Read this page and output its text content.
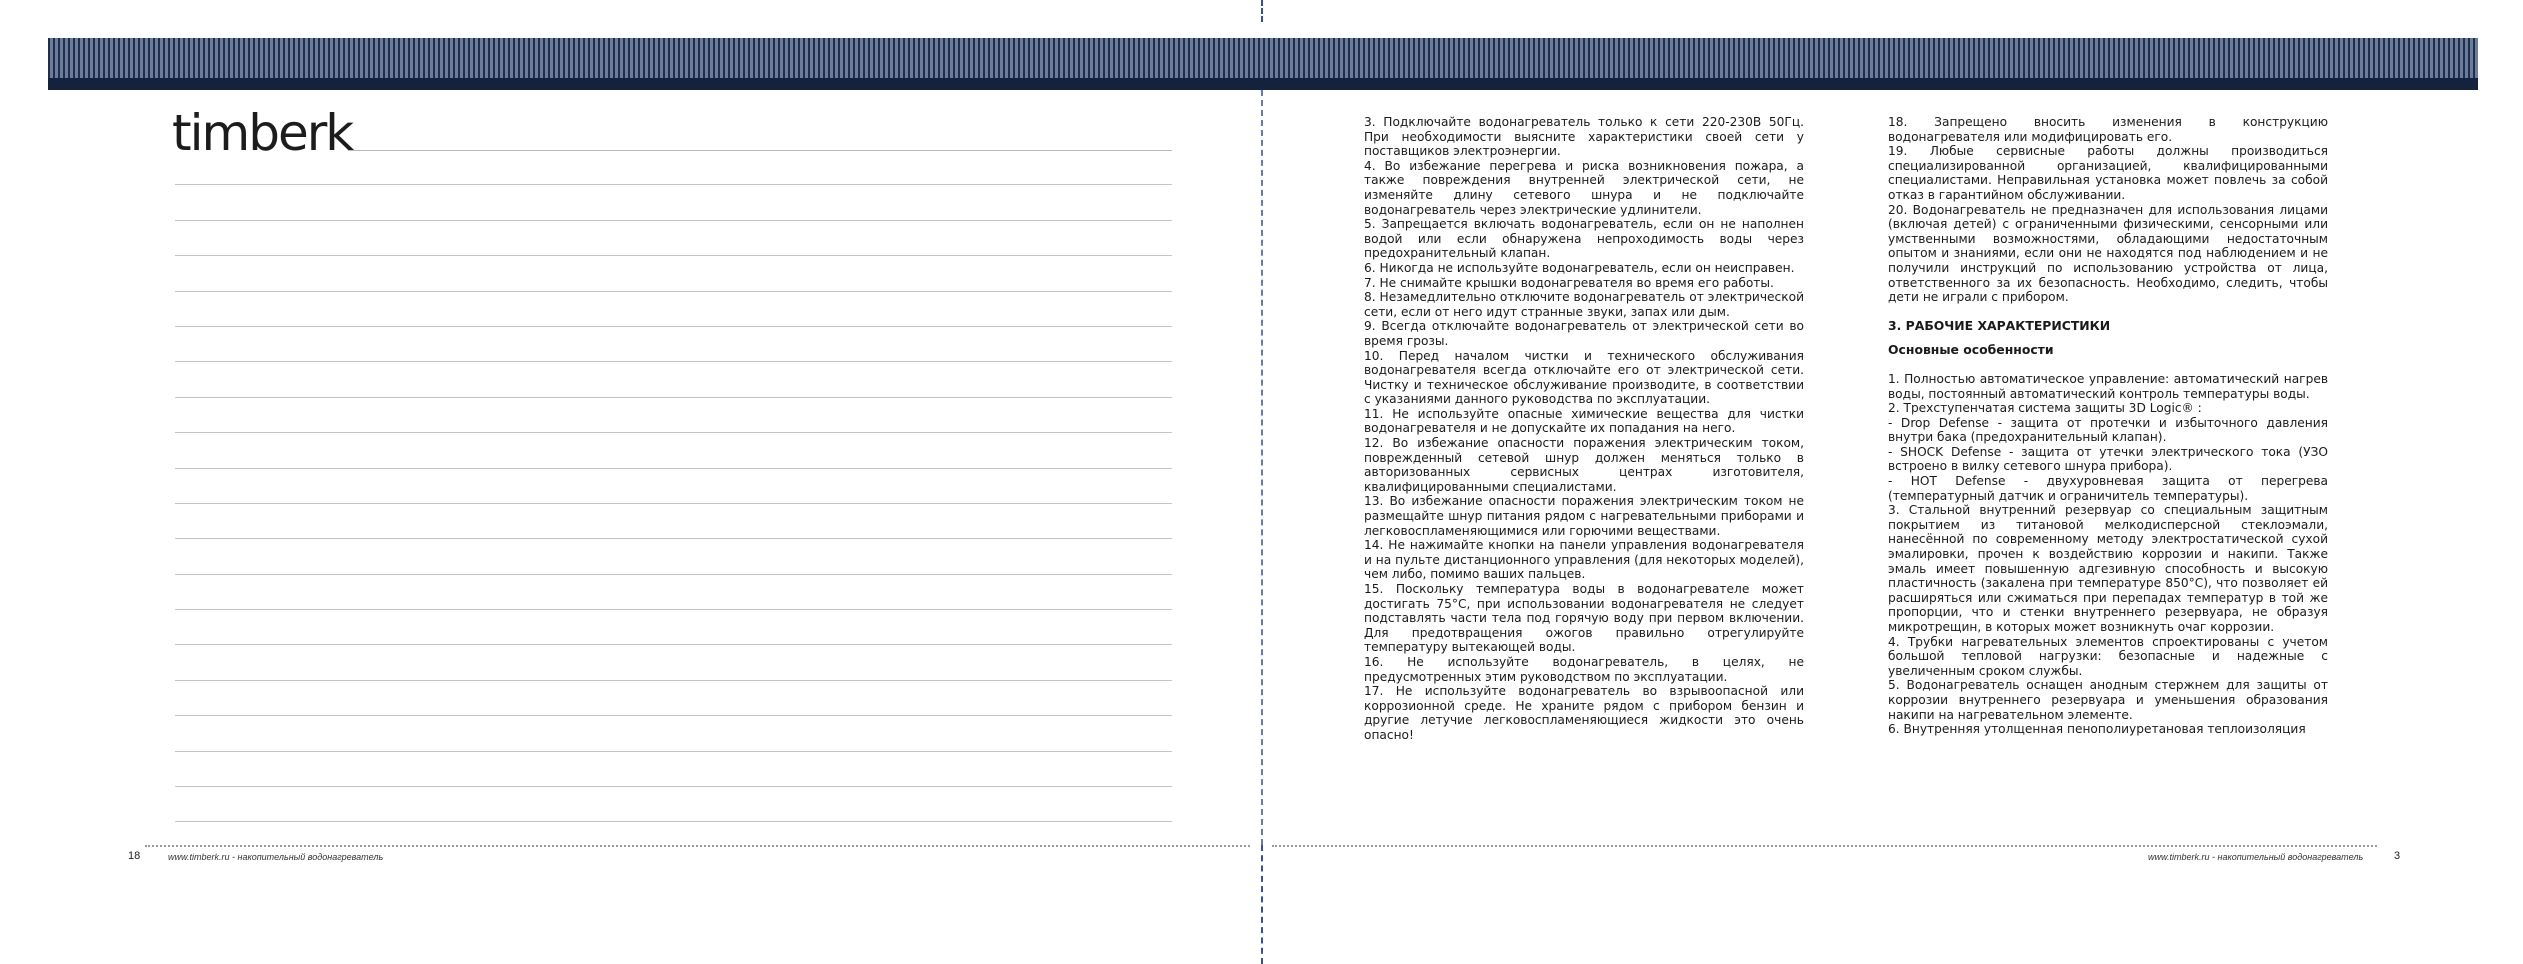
timberk
18	www.timberk.ru - накопительный водонагреватель

3. Подключайте водонагреватель только к сети 220-230В 50Гц. При необходимости выясните характеристики своей сети у поставщиков электроэнергии.

4. Во избежание перегрева и риска возникновения пожара, а также повреждения внутренней электрической сети, не изменяйте длину сетевого шнура и не подключайте водонагреватель через электрические удлинители.

5. Запрещается включать водонагреватель, если он не наполнен водой или если обнаружена непроходимость воды через предохранительный клапан.

6. Никогда не используйте водонагреватель, если он неисправен.

7. Не снимайте крышки водонагревателя во время его работы.

8. Незамедлительно отключите водонагреватель от электрической сети, если от него идут странные звуки, запах или дым.

9. Всегда отключайте водонагреватель от электрической сети во время грозы.

10. Перед началом чистки и технического обслуживания водонагревателя всегда отключайте его от электрической сети. Чистку и техническое обслуживание производите, в соответствии с указаниями данного руководства по эксплуатации.

11. Не используйте опасные химические вещества для чистки водонагревателя и не допускайте их попадания на него.

12. Во избежание опасности поражения электрическим током, поврежденный сетевой шнур должен меняться только в авторизованных сервисных центрах изготовителя, квалифицированными специалистами.

13. Во избежание опасности поражения электрическим током не размещайте шнур питания рядом с нагревательными приборами и легковоспламеняющимися или горючими веществами.

14. Не нажимайте кнопки на панели управления водонагревателя и на пульте дистанционного управления (для некоторых моделей), чем либо, помимо ваших пальцев.

15. Поскольку температура воды в водонагревателе может достигать 75°C, при использовании водонагревателя не следует подставлять части тела под горячую воду при первом включении. Для предотвращения ожогов правильно отрегулируйте температуру вытекающей воды.

16. Не используйте водонагреватель, в целях, не предусмотренных этим руководством по эксплуатации.

17. Не используйте водонагреватель во взрывоопасной или коррозионной среде. Не храните рядом с прибором бензин и другие летучие легковоспламеняющиеся жидкости это очень опасно!

18. Запрещено вносить изменения в конструкцию водонагревателя или модифицировать его.

19. Любые сервисные работы должны производиться специализированной организацией, квалифицированными специалистами. Неправильная установка может повлечь за собой отказ в гарантийном обслуживании.

20. Водонагреватель не предназначен для использования лицами (включая детей) с ограниченными физическими, сенсорными или умственными возможностями, обладающими недостаточным опытом и знаниями, если они не находятся под наблюдением и не получили инструкций по использованию устройства от лица, ответственного за их безопасность. Необходимо, следить, чтобы дети не играли с прибором.

3. РАБОЧИЕ ХАРАКТЕРИСТИКИ

Основные особенности

1. Полностью автоматическое управление: автоматический нагрев воды, постоянный автоматический контроль температуры воды.

2. Трехступенчатая система защиты 3D Logic® :

- Drop Defense - защита от протечки и избыточного давления внутри бака (предохранительный клапан).

- SHOCK Defense - защита от утечки электрического тока (УЗО встроено в вилку сетевого шнура прибора).

- HOT Defense - двухуровневая защита от перегрева (температурный датчик и ограничитель температуры).

3. Стальной внутренний резервуар со специальным защитным покрытием из титановой мелкодисперсной стеклоэмали, нанесённой по современному методу электростатической сухой эмалировки, прочен к воздействию коррозии и накипи. Также эмаль имеет повышенную адгезивную способность и высокую пластичность (закалена при температуре 850°C), что позволяет ей расширяться или сжиматься при перепадах температур в той же пропорции, что и стенки внутреннего резервуара, не образуя микротрещин, в которых может возникнуть очаг коррозии.

4. Трубки нагревательных элементов спроектированы с учетом большой тепловой нагрузки: безопасные и надежные с увеличенным сроком службы.

5. Водонагреватель оснащен анодным стержнем для защиты от коррозии внутреннего резервуара и уменьшения образования накипи на нагревательном элементе.

6. Внутренняя утолщенная пенополиуретановая теплоизоляция

www.timberk.ru - накопительный водонагреватель	3
